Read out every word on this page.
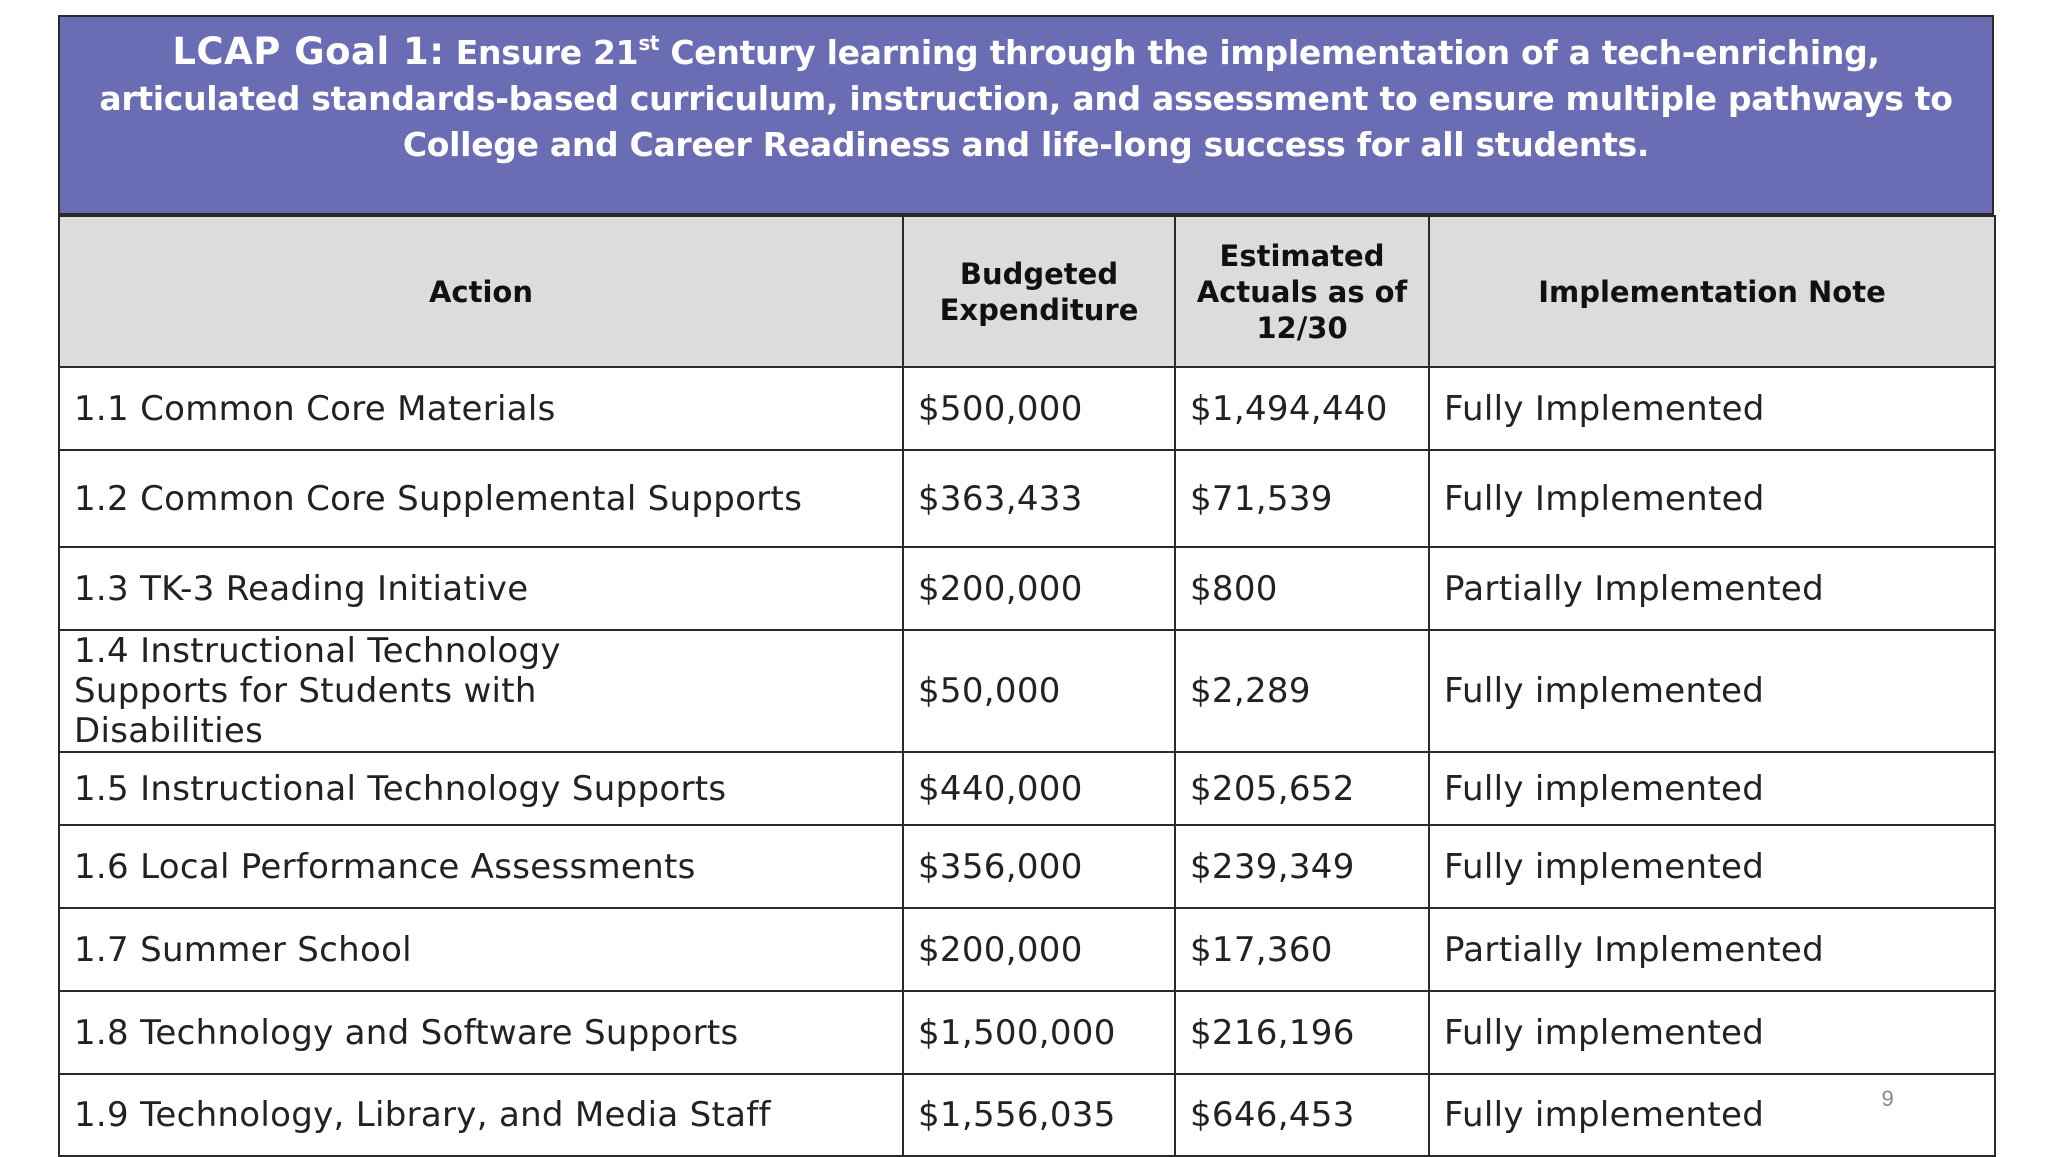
LCAP Goal 1: Ensure 21st Century learning through the implementation of a tech-enriching, articulated standards-based curriculum, instruction, and assessment to ensure multiple pathways to College and Career Readiness and life-long success for all students.
Action	Budgeted Expenditure	Estimated Actuals as of 12/30	Implementation Note
1.1 Common Core Materials	$500,000	$1,494,440	Fully Implemented
1.2 Common Core Supplemental Supports	$363,433	$71,539	Fully Implemented
1.3 TK-3 Reading Initiative	$200,000	$800	Partially Implemented
1.4 Instructional Technology Supports for Students with Disabilities	$50,000	$2,289	Fully implemented
1.5 Instructional Technology Supports	$440,000	$205,652	Fully implemented
1.6 Local Performance Assessments	$356,000	$239,349	Fully implemented
1.7 Summer School	$200,000	$17,360	Partially Implemented
1.8 Technology and Software Supports	$1,500,000	$216,196	Fully implemented
1.9 Technology, Library, and Media Staff	$1,556,035	$646,453	Fully implemented 9
